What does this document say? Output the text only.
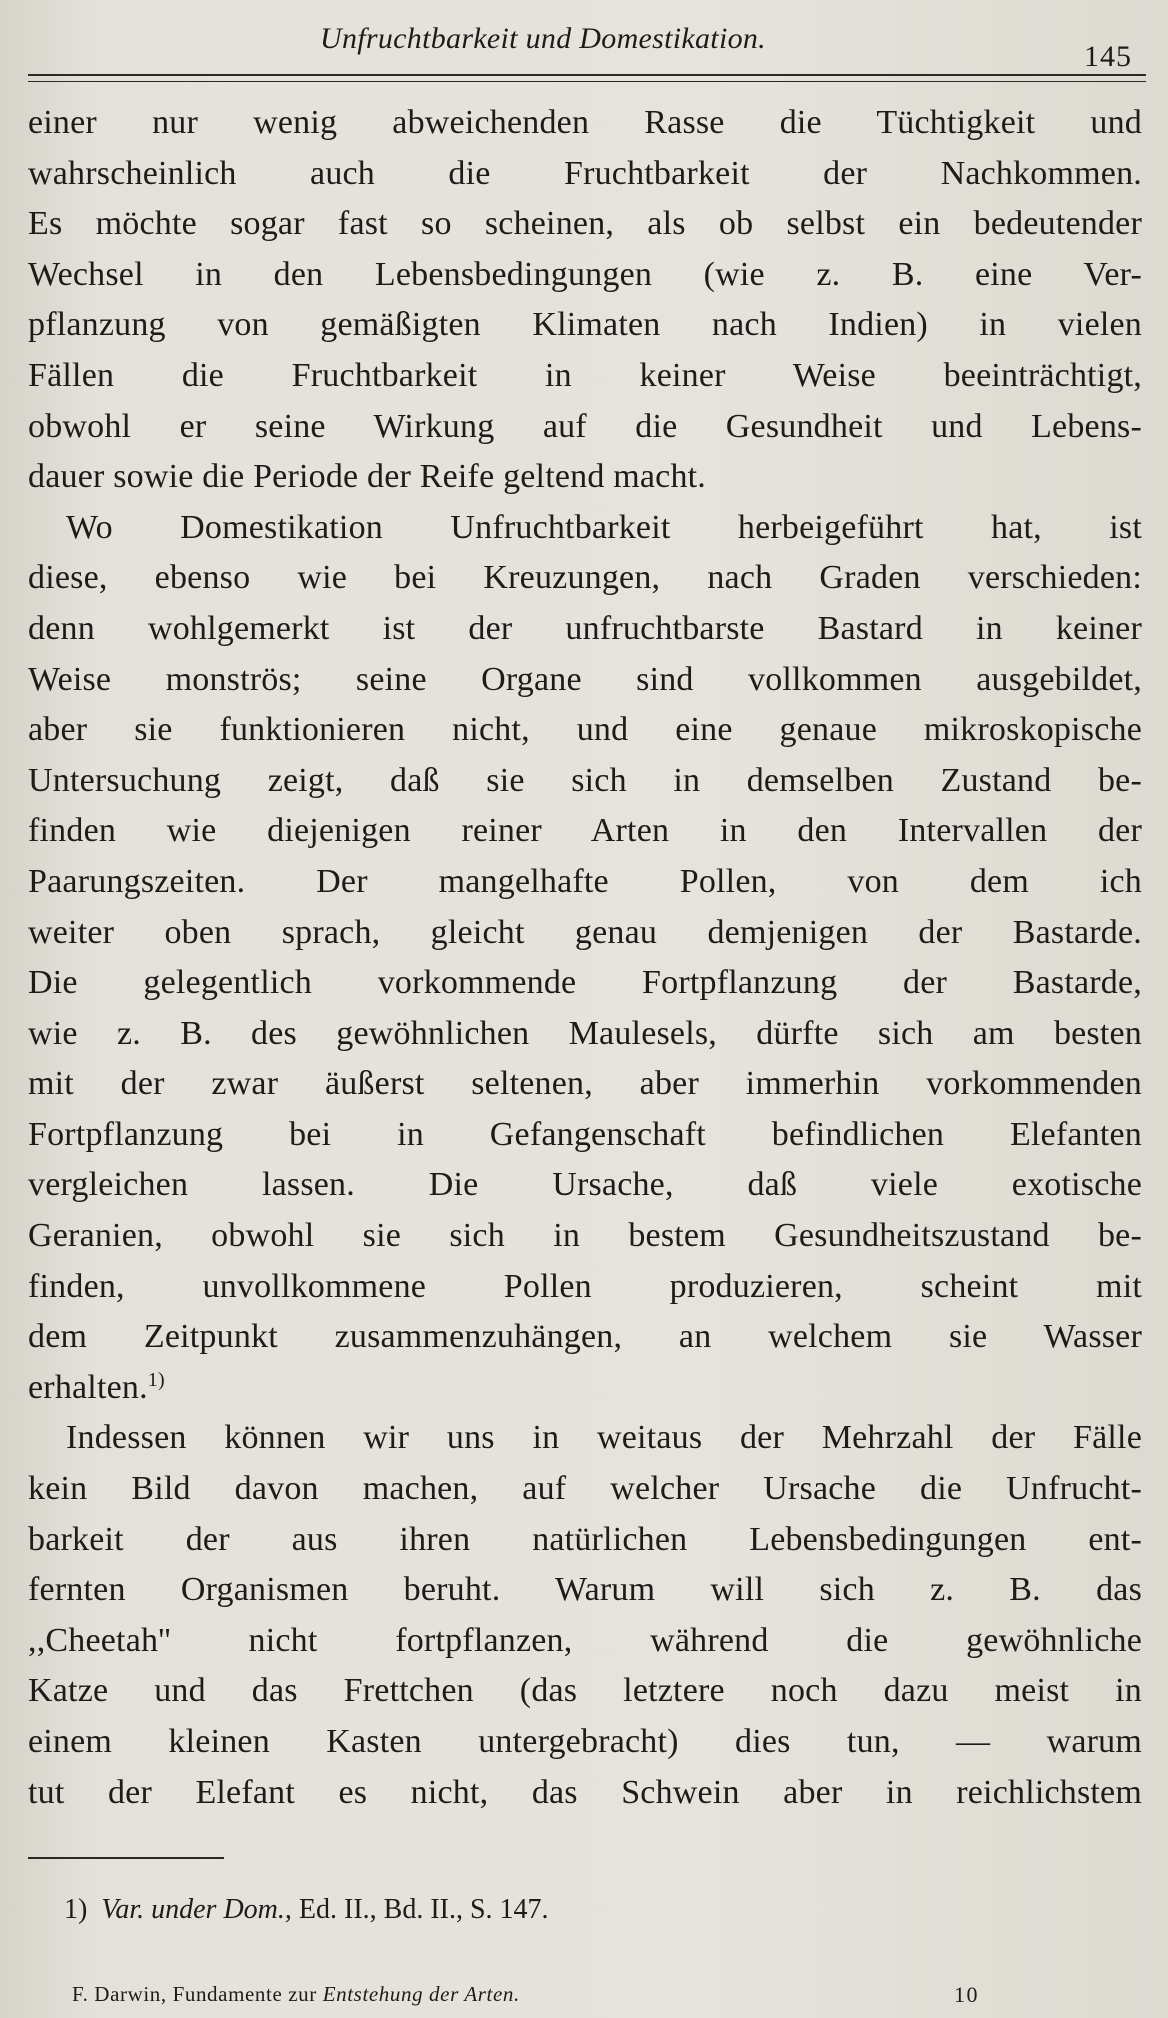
Unfruchtbarkeit und Domestikation.
145
einer nur wenig abweichenden Rasse die Tüchtigkeit und
wahrscheinlich auch die Fruchtbarkeit der Nachkommen.
Es möchte sogar fast so scheinen, als ob selbst ein bedeutender
Wechsel in den Lebensbedingungen (wie z. B. eine Ver-
pflanzung von gemäßigten Klimaten nach Indien) in vielen
Fällen die Fruchtbarkeit in keiner Weise beeinträchtigt,
obwohl er seine Wirkung auf die Gesundheit und Lebens-
dauer sowie die Periode der Reife geltend macht.
Wo Domestikation Unfruchtbarkeit herbeigeführt hat, ist
diese, ebenso wie bei Kreuzungen, nach Graden verschieden:
denn wohlgemerkt ist der unfruchtbarste Bastard in keiner
Weise monströs; seine Organe sind vollkommen ausgebildet,
aber sie funktionieren nicht, und eine genaue mikroskopische
Untersuchung zeigt, daß sie sich in demselben Zustand be-
finden wie diejenigen reiner Arten in den Intervallen der
Paarungszeiten. Der mangelhafte Pollen, von dem ich
weiter oben sprach, gleicht genau demjenigen der Bastarde.
Die gelegentlich vorkommende Fortpflanzung der Bastarde,
wie z. B. des gewöhnlichen Maulesels, dürfte sich am besten
mit der zwar äußerst seltenen, aber immerhin vorkommenden
Fortpflanzung bei in Gefangenschaft befindlichen Elefanten
vergleichen lassen. Die Ursache, daß viele exotische
Geranien, obwohl sie sich in bestem Gesundheitszustand be-
finden, unvollkommene Pollen produzieren, scheint mit
dem Zeitpunkt zusammenzuhängen, an welchem sie Wasser
erhalten.$^{1)}$
Indessen können wir uns in weitaus der Mehrzahl der Fälle
kein Bild davon machen, auf welcher Ursache die Unfrucht-
barkeit der aus ihren natürlichen Lebensbedingungen ent-
fernten Organismen beruht. Warum will sich z. B. das
,,Cheetah'' nicht fortpflanzen, während die gewöhnliche
Katze und das Frettchen (das letztere noch dazu meist in
einem kleinen Kasten untergebracht) dies tun, — warum
tut der Elefant es nicht, das Schwein aber in reichlichstem
1) Var. under Dom., Ed. II., Bd. II., S. 147.
F. Darwin, Fundamente zur Entstehung der Arten.	10
